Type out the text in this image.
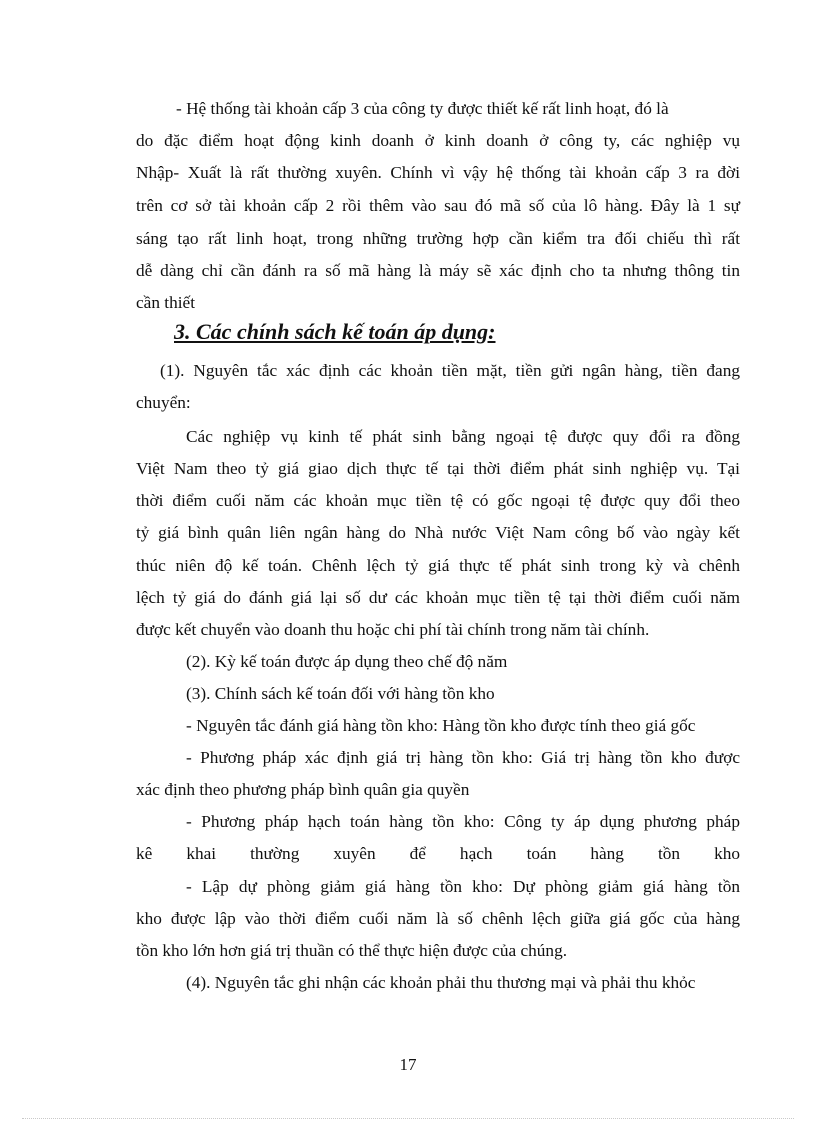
- Hệ thống tài khoản cấp 3 của công ty được thiết kế rất linh hoạt, đó là

do đặc điểm hoạt động kinh doanh ở kinh doanh ở công ty, các nghiệp vụ

Nhập- Xuất là rất thường xuyên. Chính vì vậy hệ thống tài khoản cấp 3 ra đời

trên cơ sở tài khoản cấp 2 rồi thêm vào sau đó mã số của lô hàng. Đây là 1 sự

sáng tạo rất linh hoạt, trong những trường hợp cần kiểm tra đối chiếu thì rất

dễ dàng chỉ cần đánh ra số mã hàng là máy sẽ xác định cho ta nhưng thông tin

cần thiết

3. Các chính sách kế toán áp dụng:

(1). Nguyên tắc xác định các khoản tiền mặt, tiền gửi ngân hàng, tiền đang

chuyển:

Các nghiệp vụ kinh tế phát sinh bằng ngoại tệ được quy đổi ra đồng

Việt Nam theo tỷ giá giao dịch thực tế tại thời điểm phát sinh nghiệp vụ. Tại

thời điểm cuối năm các khoản mục tiền tệ có gốc ngoại tệ được quy đổi theo

tỷ giá bình quân liên ngân hàng do Nhà nước Việt Nam công bố vào ngày kết

thúc niên độ kế toán. Chênh lệch tỷ giá thực tế phát sinh trong kỳ và chênh

lệch tỷ giá do đánh giá lại số dư các khoản mục tiền tệ tại thời điểm cuối năm

được kết chuyển vào doanh thu hoặc chi phí tài chính trong năm tài chính.

(2). Kỳ kế toán được áp dụng theo chế độ năm

(3). Chính sách kế toán đối với hàng tồn kho

- Nguyên tắc đánh giá hàng tồn kho: Hàng tồn kho được tính theo giá gốc

- Phương pháp xác định giá trị hàng tồn kho: Giá trị hàng tồn kho được

xác định theo phương pháp bình quân gia quyền

- Phương pháp hạch toán hàng tồn kho: Công ty áp dụng phương pháp

kê khai thường xuyên để hạch toán hàng tồn kho

- Lập dự phòng giảm giá hàng tồn kho: Dự phòng giảm giá hàng tồn

kho được lập vào thời điểm cuối năm là số chênh lệch giữa giá gốc của hàng

tồn kho lớn hơn giá trị thuần có thể thực hiện được của chúng.

(4). Nguyên tắc ghi nhận các khoản phải thu thương mại và phải thu khỏc

17
